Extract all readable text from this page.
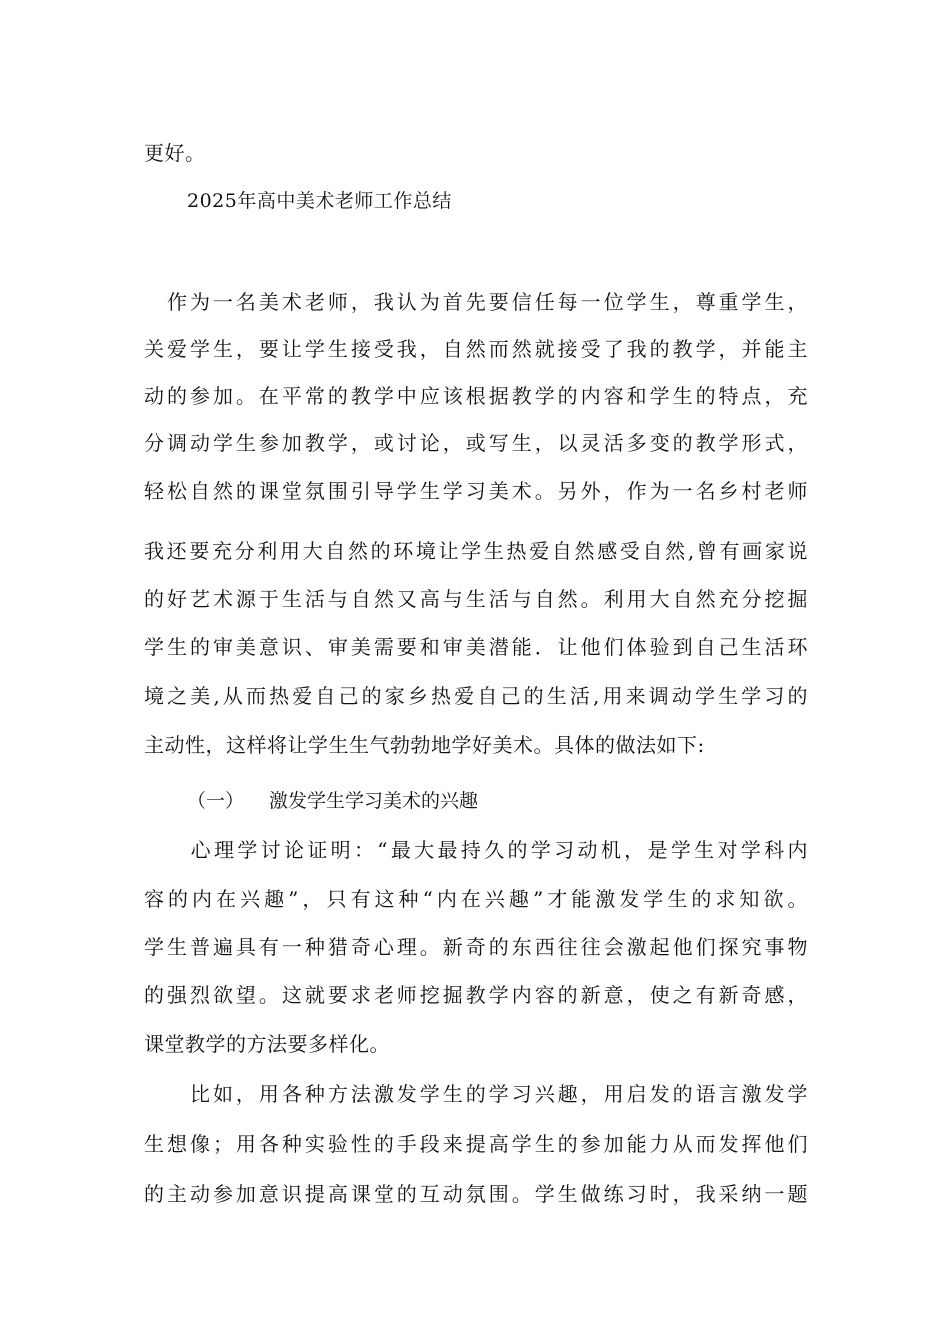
更好。
2025年高中美术老师工作总结
　作为一名美术老师，我认为首先要信任每一位学生，尊重学生，
关爱学生，要让学生接受我，自然而然就接受了我的教学，并能主
动的参加。在平常的教学中应该根据教学的内容和学生的特点，充
分调动学生参加教学，或讨论，或写生，以灵活多变的教学形式，
轻松自然的课堂氛围引导学生学习美术。另外，作为一名乡村老师
我还要充分利用大自然的环境让学生热爱自然感受自然,曾有画家说
的好艺术源于生活与自然又高与生活与自然。利用大自然充分挖掘
学生的审美意识、审美需要和审美潜能．让他们体验到自己生活环
境之美,从而热爱自己的家乡热爱自己的生活,用来调动学生学习的
主动性，这样将让学生生气勃勃地学好美术。具体的做法如下:
（一） 激发学生学习美术的兴趣
　　心理学讨论证明：“最大最持久的学习动机，是学生对学科内
容的内在兴趣”，只有这种“内在兴趣”才能激发学生的求知欲。
学生普遍具有一种猎奇心理。新奇的东西往往会激起他们探究事物
的强烈欲望。这就要求老师挖掘教学内容的新意，使之有新奇感，
课堂教学的方法要多样化。
　　比如，用各种方法激发学生的学习兴趣，用启发的语言激发学
生想像；用各种实验性的手段来提高学生的参加能力从而发挥他们
的主动参加意识提高课堂的互动氛围。学生做练习时，我采纳一题
